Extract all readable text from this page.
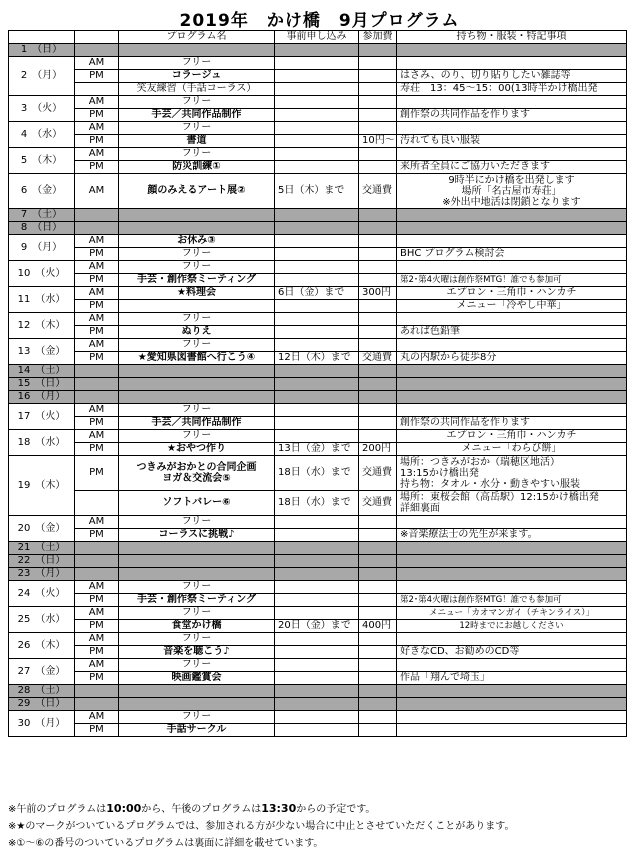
2019年　かけ橋　9月プログラム
		プログラム名	事前申し込み	参加費	持ち物・服装・特記事項
1　（日）					
2　（月）	AM	フリー			
	PM	コラージュ			はさみ、のり、切り貼りしたい雑誌等
		笑友練習（手話コーラス）			寿荘　13：45～15：00(13時半かけ橋出発
3　（火）	AM	フリー			
	PM	手芸／共同作品制作			創作祭の共同作品を作ります
4　（水）	AM	フリー			
	PM	書道		10円～	汚れても良い服装
5　（木）	AM	フリー			
	PM	防災訓練①			来所者全員にご協力いただきます
6　（金）	AM	顔のみえるアート展②	5日（木）まで	交通費	9時半にかけ橋を出発します
場所「名古屋市寿荘」
※外出中地活は閉鎖となります
7　（土）					
8　（日）					
9　（月）	AM	お休み③			
	PM	フリー			BHC プログラム検討会
10　（火）	AM	フリー			
	PM	手芸・創作祭ミーティング			第2･第4火曜は創作祭MTG！誰でも参加可
11　（水）	AM	★料理会	6日（金）まで	300円	エプロン・三角巾・ハンカチ
	PM				メニュー「冷やし中華」
12　（木）	AM	フリー			
	PM	ぬりえ			あれば色鉛筆
13　（金）	AM	フリー			
	PM	★愛知県図書館へ行こう④	12日（木）まで	交通費	丸の内駅から徒歩8分
14　（土）					
15　（日）					
16　（月）					
17　（火）	AM	フリー			
	PM	手芸／共同作品制作			創作祭の共同作品を作ります
18　（水）	AM	フリー			エプロン・三角巾・ハンカチ
	PM	★おやつ作り	13日（金）まで	200円	メニュー「わらび餅」
19　（木）	PM	つきみがおかとの合同企画
ヨガ＆交流会⑤	18日（水）まで	交通費	場所：つきみがおか（瑞穂区地活）
13:15かけ橋出発
持ち物：タオル・水分・動きやすい服装
		ソフトバレー⑥	18日（水）まで	交通費	場所：東桜会館（高岳駅）12:15かけ橋出発
詳細裏面
20　（金）	AM	フリー			
	PM	コーラスに挑戦♪			※音楽療法士の先生が来ます。
21　（土）					
22　（日）					
23　（月）					
24　（火）	AM	フリー			
	PM	手芸・創作祭ミーティング			第2･第4火曜は創作祭MTG！誰でも参加可
25　（水）	AM	フリー			メニュー「カオマンガイ（チキンライス）」
	PM	食堂かけ橋	20日（金）まで	400円	12時までにお越しください
26　（木）	AM	フリー			
	PM	音楽を聴こう♪			好きなCD、お勧めのCD等
27　（金）	AM	フリー			
	PM	映画鑑賞会			作品「翔んで埼玉」
28　（土）					
29　（日）					
30　（月）	AM	フリー			
	PM	手話サークル			
※午前のプログラムは10:00から、午後のプログラムは13:30からの予定です。
※★のマークがついているプログラムでは、参加される方が少ない場合に中止とさせていただくことがあります。
※①～⑥の番号のついているプログラムは裏面に詳細を載せています。
